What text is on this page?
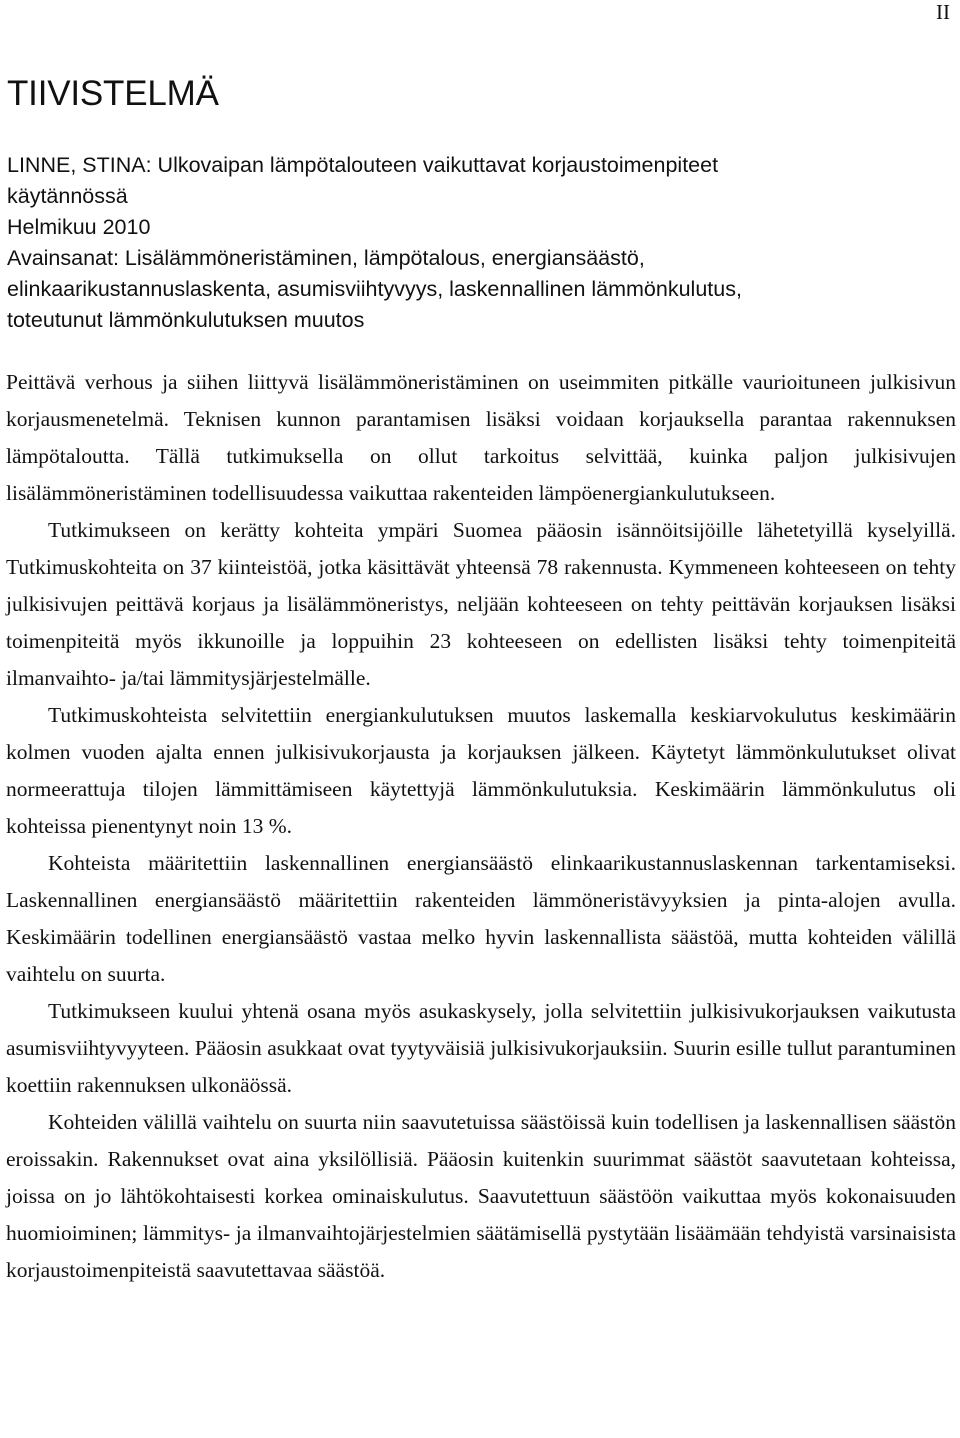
II
TIIVISTELMÄ
LINNE, STINA: Ulkovaipan lämpötalouteen vaikuttavat korjaustoimenpiteet
käytännössä
Helmikuu 2010
Avainsanat: Lisälämmöneristäminen, lämpötalous, energiansäästö,
elinkaarikustannuslaskenta, asumisviihtyvyys, laskennallinen lämmönkulutus,
toteutunut lämmönkulutuksen muutos

Peittävä verhous ja siihen liittyvä lisälämmöneristäminen on useimmiten pitkälle vaurioituneen julkisivun korjausmenetelmä. Teknisen kunnon parantamisen lisäksi voidaan korjauksella parantaa rakennuksen lämpötaloutta. Tällä tutkimuksella on ollut tarkoitus selvittää, kuinka paljon julkisivujen lisälämmöneristäminen todellisuudessa vaikuttaa rakenteiden lämpöenergiankulutukseen.

Tutkimukseen on kerätty kohteita ympäri Suomea pääosin isännöitsijöille lähetetyillä kyselyillä. Tutkimuskohteita on 37 kiinteistöä, jotka käsittävät yhteensä 78 rakennusta. Kymmeneen kohteeseen on tehty julkisivujen peittävä korjaus ja lisälämmöneristys, neljään kohteeseen on tehty peittävän korjauksen lisäksi toimenpiteitä myös ikkunoille ja loppuihin 23 kohteeseen on edellisten lisäksi tehty toimenpiteitä ilmanvaihto- ja/tai lämmitysjärjestelmälle.

Tutkimuskohteista selvitettiin energiankulutuksen muutos laskemalla keskiarvokulutus keskimäärin kolmen vuoden ajalta ennen julkisivukorjausta ja korjauksen jälkeen. Käytetyt lämmönkulutukset olivat normeerattuja tilojen lämmittämiseen käytettyjä lämmönkulutuksia. Keskimäärin lämmönkulutus oli kohteissa pienentynyt noin 13 %.

Kohteista määritettiin laskennallinen energiansäästö elinkaarikustannuslaskennan tarkentamiseksi. Laskennallinen energiansäästö määritettiin rakenteiden lämmöneristävyyksien ja pinta-alojen avulla. Keskimäärin todellinen energiansäästö vastaa melko hyvin laskennallista säästöä, mutta kohteiden välillä vaihtelu on suurta.

Tutkimukseen kuului yhtenä osana myös asukaskysely, jolla selvitettiin julkisivukorjauksen vaikutusta asumisviihtyvyyteen. Pääosin asukkaat ovat tyytyväisiä julkisivukorjauksiin. Suurin esille tullut parantuminen koettiin rakennuksen ulkonäössä.

Kohteiden välillä vaihtelu on suurta niin saavutetuissa säästöissä kuin todellisen ja laskennallisen säästön eroissakin. Rakennukset ovat aina yksilöllisiä. Pääosin kuitenkin suurimmat säästöt saavutetaan kohteissa, joissa on jo lähtökohtaisesti korkea ominaiskulutus. Saavutettuun säästöön vaikuttaa myös kokonaisuuden huomioiminen; lämmitys- ja ilmanvaihtojärjestelmien säätämisellä pystytään lisäämään tehdyistä varsinaisista korjaustoimenpiteistä saavutettavaa säästöä.
